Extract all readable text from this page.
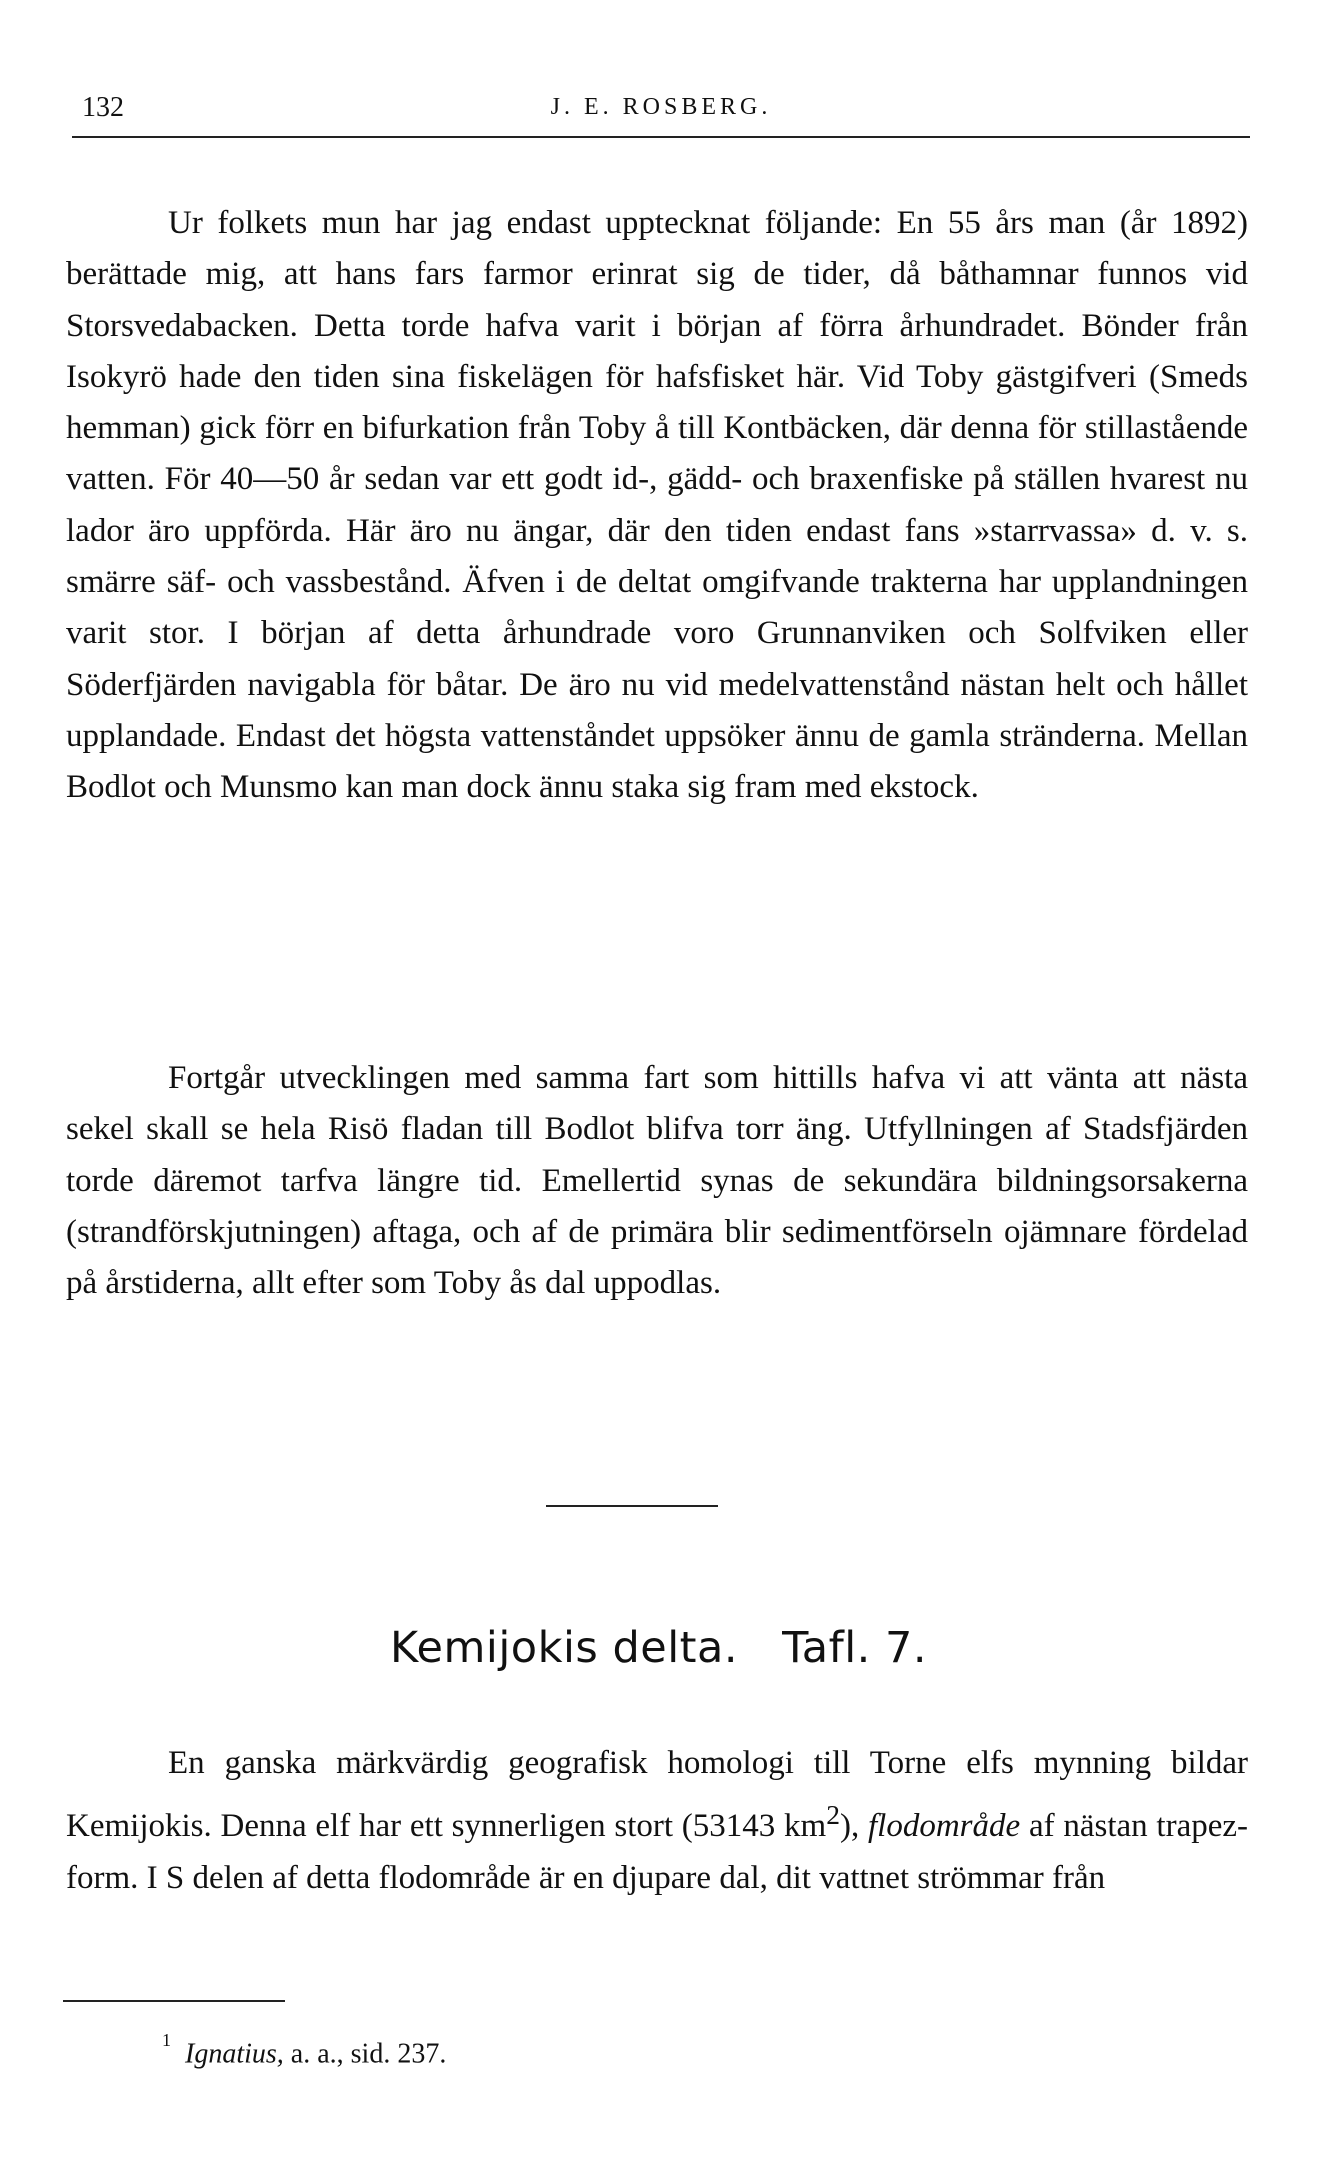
132	J. E. ROSBERG.

Ur folkets mun har jag endast upptecknat följande: En 55 års man (år 1892) berättade mig, att hans fars farmor erinrat sig de tider, då båthamnar funnos vid Storsvedabacken. Detta torde hafva varit i början af förra århundradet. Bönder från Isokyrö hade den tiden sina fiskelägen för hafsfisket här. Vid Toby gästgifveri (Smeds hemman) gick förr en bifurkation från Toby å till Kontbäcken, där denna för stillastående vatten. För 40—50 år sedan var ett godt id-, gädd- och braxenfiske på ställen hvarest nu lador äro uppförda. Här äro nu ängar, där den tiden endast fans »starrvassa» d. v. s. smärre säf- och vassbestånd. Äfven i de deltat omgifvande trakterna har upplandningen varit stor. I början af detta århundrade voro Grunnanviken och Solfviken eller Söderfjärden navigabla för båtar. De äro nu vid medelvattenstånd nästan helt och hållet upplandade. Endast det högsta vattenståndet uppsöker ännu de gamla stränderna. Mellan Bodlot och Munsmo kan man dock ännu staka sig fram med ekstock.

Fortgår utvecklingen med samma fart som hittills hafva vi att vänta att nästa sekel skall se hela Risö fladan till Bodlot blifva torr äng. Utfyllningen af Stadsfjärden torde däremot tarfva längre tid. Emellertid synas de sekundära bildningsorsakerna (strandförskjutningen) aftaga, och af de primära blir sedimentförseln ojämnare fördelad på årstiderna, allt efter som Toby ås dal uppodlas.

Kemijokis delta. Tafl. 7.

En ganska märkvärdig geografisk homologi till Torne elfs mynning bildar Kemijokis. Denna elf har ett synnerligen stort (53143 $km^2$), flodområde af nästan trapez-form. I S delen af detta flodområde är en djupare dal, dit vattnet strömmar från

$^1$ Ignatius, a. a., sid. 237.
